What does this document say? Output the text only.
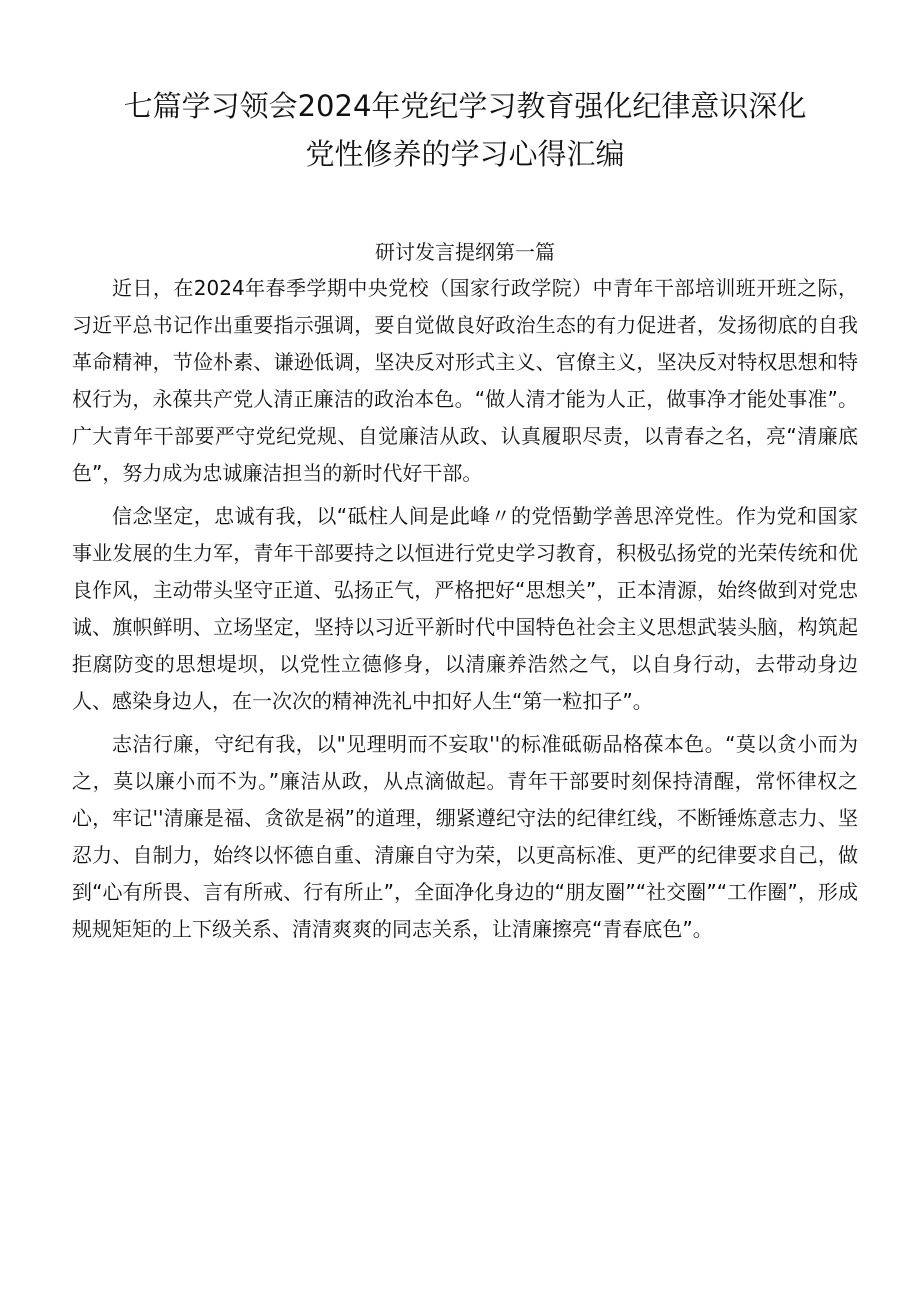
七篇学习领会2024年党纪学习教育强化纪律意识深化
党性修养的学习心得汇编
研讨发言提纲第一篇

近日，在2024年春季学期中央党校（国家行政学院）中青年干部培训班开班之际，习近平总书记作出重要指示强调，要自觉做良好政治生态的有力促进者，发扬彻底的自我革命精神，节俭朴素、谦逊低调，坚决反对形式主义、官僚主义，坚决反对特权思想和特权行为，永葆共产党人清正廉洁的政治本色。“做人清才能为人正，做事净才能处事准”。广大青年干部要严守党纪党规、自觉廉洁从政、认真履职尽责，以青春之名，亮“清廉底色”，努力成为忠诚廉洁担当的新时代好干部。

信念坚定，忠诚有我，以“砥柱人间是此峰〃的党悟勤学善思淬党性。作为党和国家事业发展的生力军，青年干部要持之以恒进行党史学习教育，积极弘扬党的光荣传统和优良作风，主动带头坚守正道、弘扬正气，严格把好“思想关”，正本清源，始终做到对党忠诚、旗帜鲜明、立场坚定，坚持以习近平新时代中国特色社会主义思想武装头脑，构筑起拒腐防变的思想堤坝，以党性立德修身，以清廉养浩然之气，以自身行动，去带动身边人、感染身边人，在一次次的精神洗礼中扣好人生“第一粒扣子”。

志洁行廉，守纪有我，以"见理明而不妄取''的标准砥砺品格葆本色。“莫以贪小而为之，莫以廉小而不为。”廉洁从政，从点滴做起。青年干部要时刻保持清醒，常怀律权之心，牢记''清廉是福、贪欲是祸”的道理，绷紧遵纪守法的纪律红线，不断锤炼意志力、坚忍力、自制力，始终以怀德自重、清廉自守为荣，以更高标准、更严的纪律要求自己，做到“心有所畏、言有所戒、行有所止”，全面净化身边的“朋友圈”“社交圈”“工作圈”，形成规规矩矩的上下级关系、清清爽爽的同志关系，让清廉擦亮“青春底色”。
